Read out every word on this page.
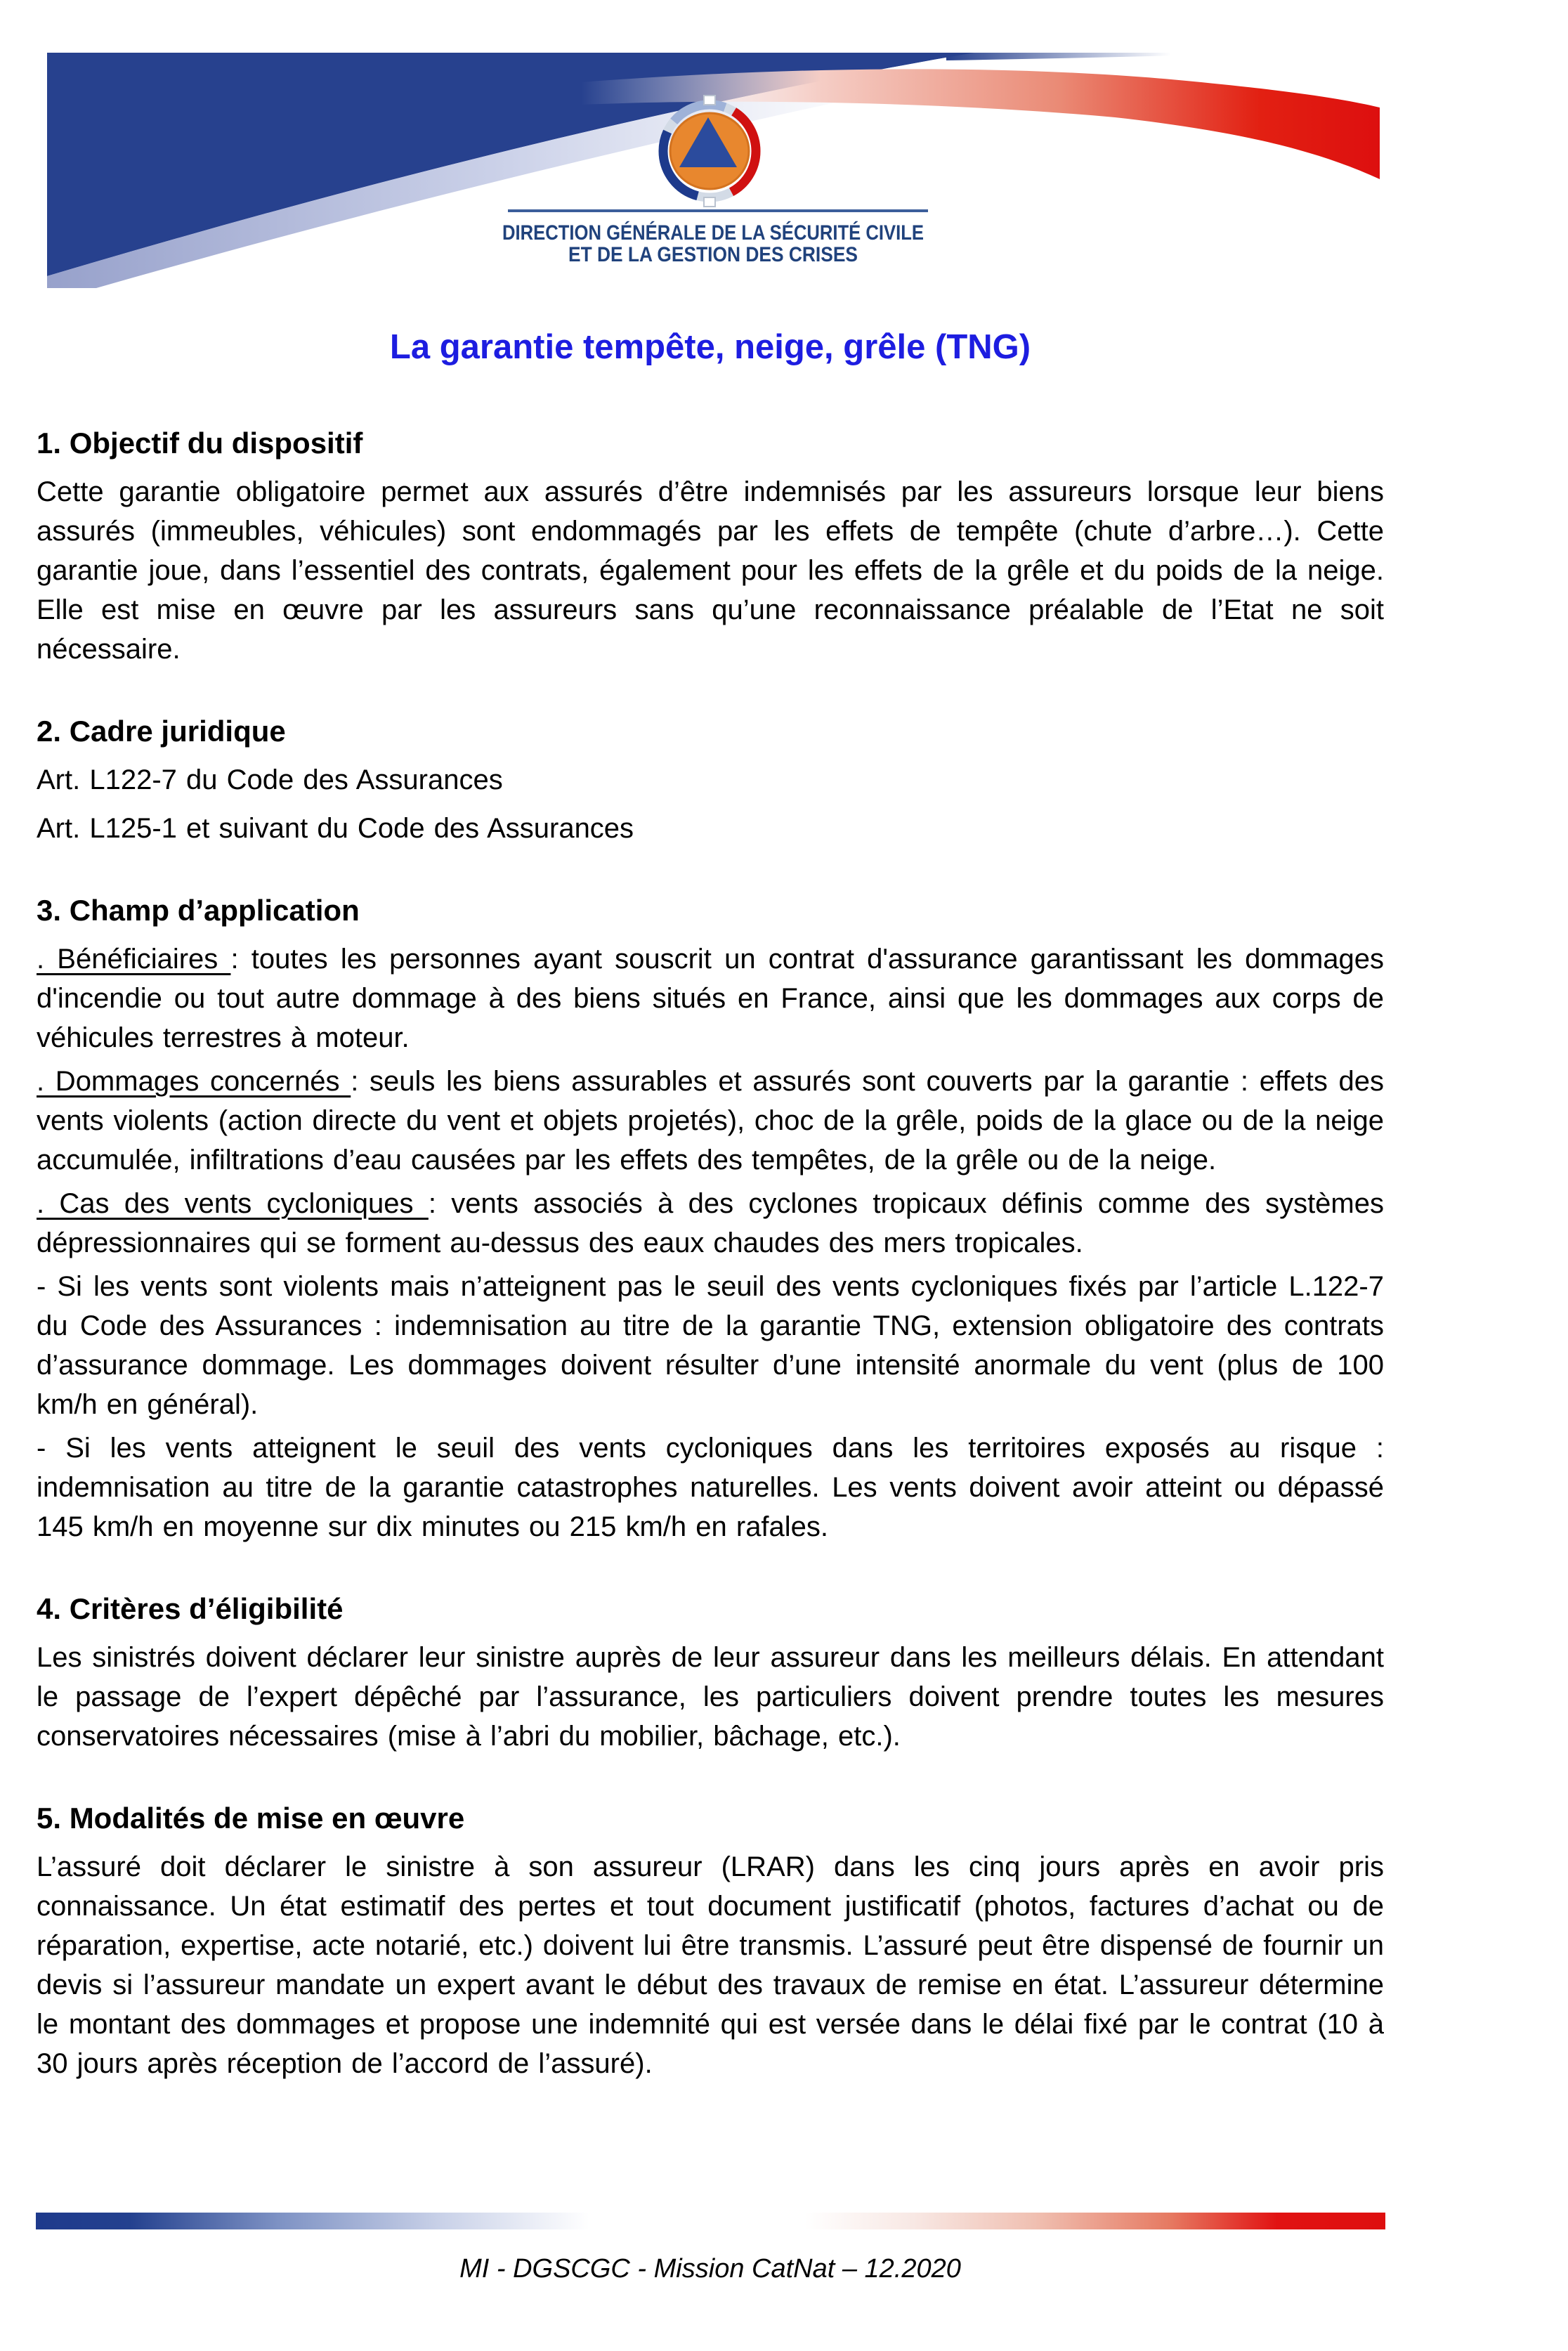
DIRECTION GÉNÉRALE DE LA SÉCURITÉ CIVILE
ET DE LA GESTION DES CRISES
La garantie tempête, neige, grêle (TNG)
1. Objectif du dispositif

Cette garantie obligatoire permet aux assurés d’être indemnisés par les assureurs lorsque leur biens assurés (immeubles, véhicules) sont endommagés par les effets de tempête (chute d’arbre…). Cette garantie joue, dans l’essentiel des contrats, également pour les effets de la grêle et du poids de la neige. Elle est mise en œuvre par les assureurs sans qu’une reconnaissance préalable de l’Etat ne soit nécessaire.

2. Cadre juridique

Art. L122-7 du Code des Assurances

Art. L125-1 et suivant du Code des Assurances

3. Champ d’application

. Bénéficiaires : toutes les personnes ayant souscrit un contrat d'assurance garantissant les dommages d'incendie ou tout autre dommage à des biens situés en France, ainsi que les dommages aux corps de véhicules terrestres à moteur.

. Dommages concernés : seuls les biens assurables et assurés sont couverts par la garantie : effets des vents violents (action directe du vent et objets projetés), choc de la grêle, poids de la glace ou de la neige accumulée, infiltrations d’eau causées par les effets des tempêtes, de la grêle ou de la neige.

. Cas des vents cycloniques : vents associés à des cyclones tropicaux définis comme des systèmes dépressionnaires qui se forment au-dessus des eaux chaudes des mers tropicales.

- Si les vents sont violents mais n’atteignent pas le seuil des vents cycloniques fixés par l’article L.122-7 du Code des Assurances : indemnisation au titre de la garantie TNG, extension obligatoire des contrats d’assurance dommage. Les dommages doivent résulter d’une intensité anormale du vent (plus de 100 km/h en général).

- Si les vents atteignent le seuil des vents cycloniques dans les territoires exposés au risque : indemnisation au titre de la garantie catastrophes naturelles. Les vents doivent avoir atteint ou dépassé 145 km/h en moyenne sur dix minutes ou 215 km/h en rafales.

4. Critères d’éligibilité

Les sinistrés doivent déclarer leur sinistre auprès de leur assureur dans les meilleurs délais. En attendant le passage de l’expert dépêché par l’assurance, les particuliers doivent prendre toutes les mesures conservatoires nécessaires (mise à l’abri du mobilier, bâchage, etc.).

5. Modalités de mise en œuvre

L’assuré doit déclarer le sinistre à son assureur (LRAR) dans les cinq jours après en avoir pris connaissance. Un état estimatif des pertes et tout document justificatif (photos, factures d’achat ou de réparation, expertise, acte notarié, etc.) doivent lui être transmis. L’assuré peut être dispensé de fournir un devis si l’assureur mandate un expert avant le début des travaux de remise en état. L’assureur détermine le montant des dommages et propose une indemnité qui est versée dans le délai fixé par le contrat (10 à 30 jours après réception de l’accord de l’assuré).

MI - DGSCGC - Mission CatNat – 12.2020
